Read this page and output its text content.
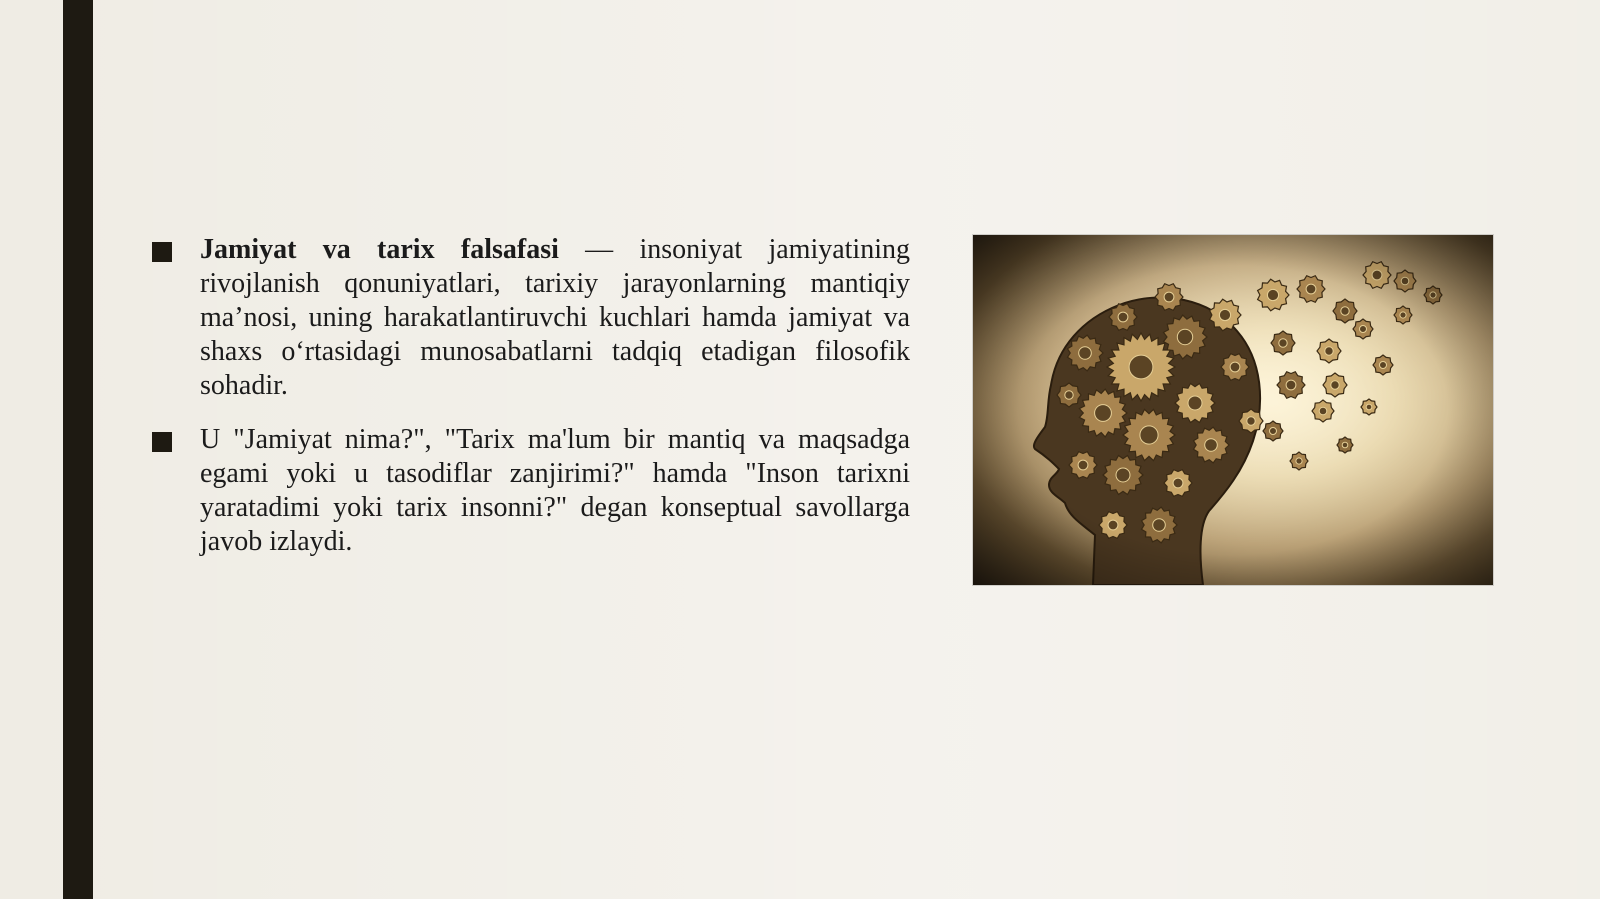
Jamiyat va tarix falsafasi — insoniyat jamiyatining rivojlanish qonuniyatlari, tarixiy jarayonlarning mantiqiy ma’nosi, uning harakatlantiruvchi kuchlari hamda jamiyat va shaxs o‘rtasidagi munosabatlarni tadqiq etadigan filosofik sohadir.

U "Jamiyat nima?", "Tarix ma'lum bir mantiq va maqsadga egami yoki u tasodiflar zanjirimi?" hamda "Inson tarixni yaratadimi yoki tarix insonni?" degan konseptual savollarga javob izlaydi.
